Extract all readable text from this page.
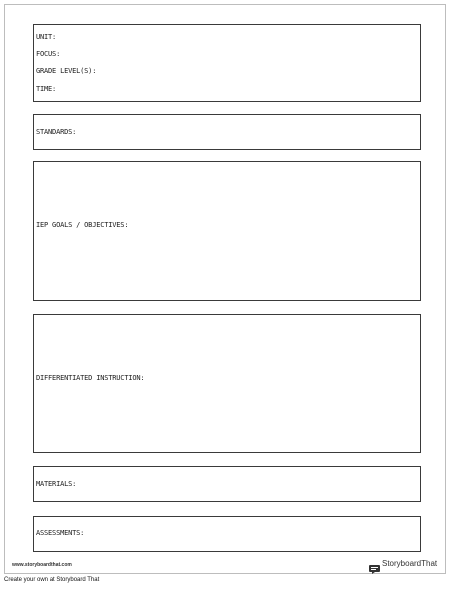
UNIT:
FOCUS:
GRADE LEVEL(S):
TIME:
STANDARDS:
IEP GOALS / OBJECTIVES:
DIFFERENTIATED INSTRUCTION:
MATERIALS:
ASSESSMENTS:
www.storyboardthat.com	StoryboardThat
Create your own at Storyboard That
